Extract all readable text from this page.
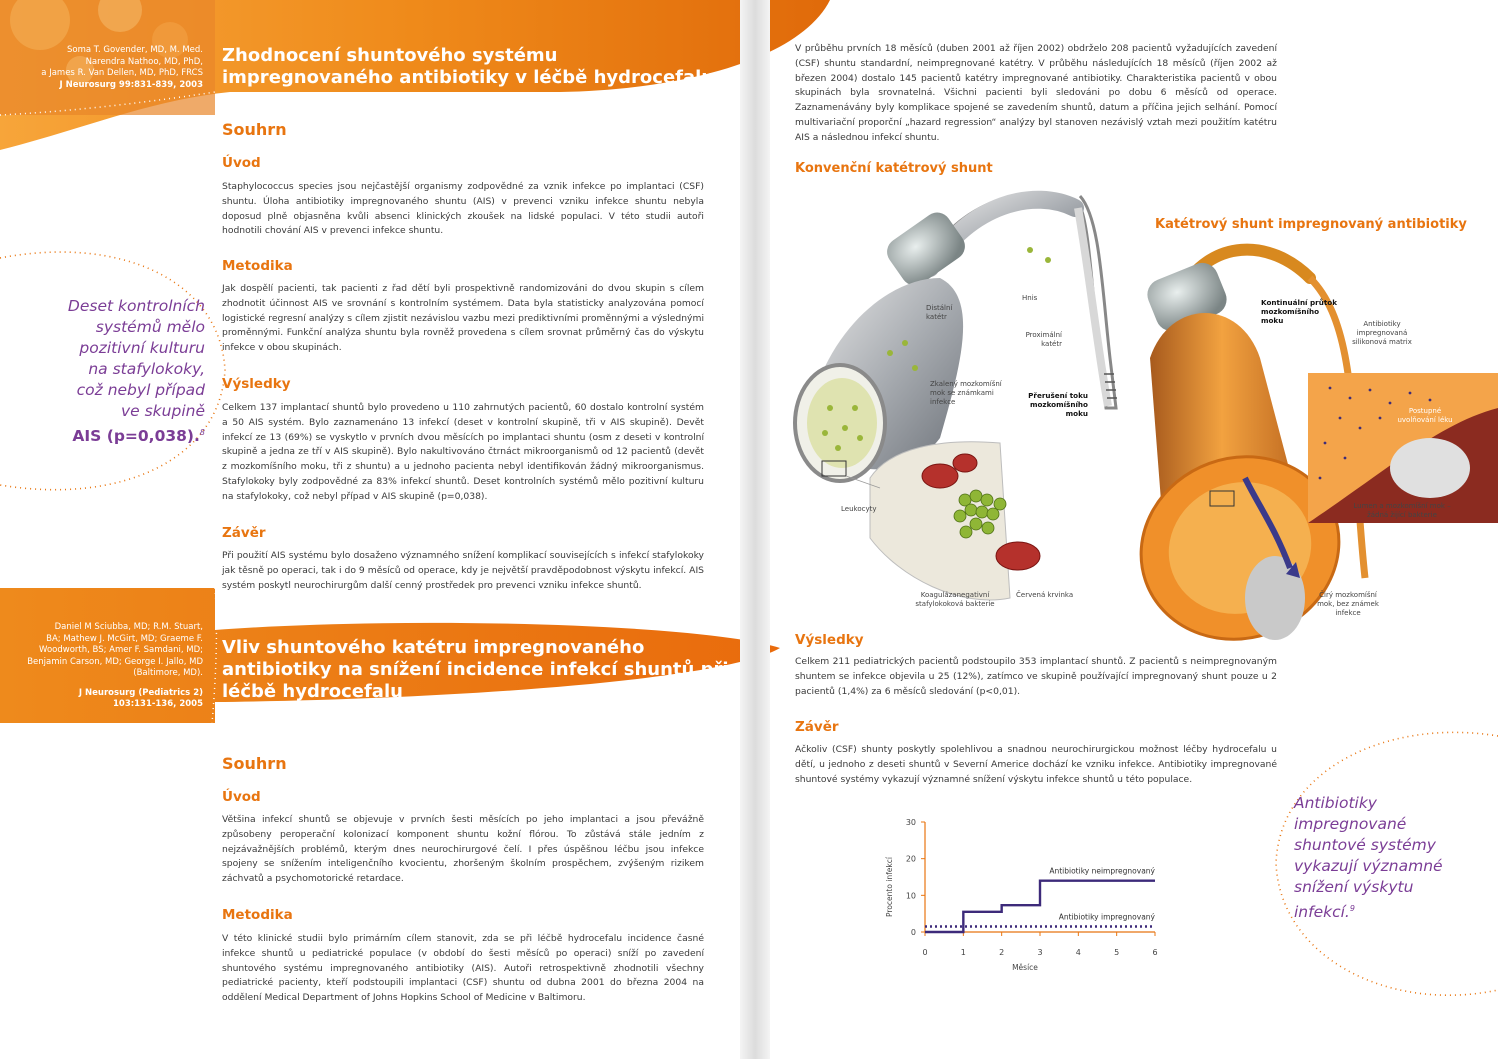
Soma T. Govender, MD, M. Med.
Narendra Nathoo, MD, PhD,
a James R. Van Dellen, MD, PhD, FRCS
J Neurosurg 99:831-839, 2003
Zhodnocení shuntového systému
impregnovaného antibiotiky v léčbě hydrocefalu
Souhrn
Úvod
Staphylococcus species jsou nejčastější organismy zodpovědné za vznik infekce po implantaci (CSF) shuntu. Úloha antibiotiky impregnovaného shuntu (AIS) v prevenci vzniku infekce shuntu nebyla doposud plně objasněna kvůli absenci klinických zkoušek na lidské populaci. V této studii autoři hodnotili chování AIS v prevenci infekce shuntu.
Metodika
Jak dospělí pacienti, tak pacienti z řad dětí byli prospektivně randomizováni do dvou skupin s cílem zhodnotit účinnost AIS ve srovnání s kontrolním systémem. Data byla statisticky analyzována pomocí logistické regresní analýzy s cílem zjistit nezávislou vazbu mezi prediktivními proměnnými a výslednými proměnnými. Funkční analýza shuntu byla rovněž provedena s cílem srovnat průměrný čas do výskytu infekce v obou skupinách.
Výsledky
Celkem 137 implantací shuntů bylo provedeno u 110 zahrnutých pacientů, 60 dostalo kontrolní systém a 50 AIS systém. Bylo zaznamenáno 13 infekcí (deset v kontrolní skupině, tři v AIS skupině). Devět infekcí ze 13 (69%) se vyskytlo v prvních dvou měsících po implantaci shuntu (osm z deseti v kontrolní skupině a jedna ze tří v AIS skupině). Bylo nakultivováno čtrnáct mikroorganismů od 12 pacientů (devět z mozkomíšního moku, tři z shuntu) a u jednoho pacienta nebyl identifikován žádný mikroorganismus. Stafylokoky byly zodpovědné za 83% infekcí shuntů. Deset kontrolních systémů mělo pozitivní kulturu na stafylokoky, což nebyl případ v AIS skupině (p=0,038).
Závěr
Při použití AIS systému bylo dosaženo významného snížení komplikací souvisejících s infekcí stafylokoky jak těsně po operaci, tak i do 9 měsíců od operace, kdy je největší pravděpodobnost výskytu infekcí. AIS systém poskytl neurochirurgům další cenný prostředek pro prevenci vzniku infekce shuntů.
Deset kontrolních
systémů mělo
pozitivní kulturu
na stafylokoky,
což nebyl případ
ve skupině
AIS (p=0,038).$^8$
Daniel M Sciubba, MD; R.M. Stuart,
BA; Mathew J. McGirt, MD; Graeme F.
Woodworth, BS; Amer F. Samdani, MD;
Benjamin Carson, MD; George I. Jallo, MD
(Baltimore, MD).
J Neurosurg (Pediatrics 2)
103:131-136, 2005
Vliv shuntového katétru impregnovaného
antibiotiky na snížení incidence infekcí shuntů při
léčbě hydrocefalu
Souhrn
Úvod
Většina infekcí shuntů se objevuje v prvních šesti měsících po jeho implantaci a jsou převážně způsobeny peroperační kolonizací komponent shuntu kožní flórou. To zůstává stále jedním z nejzávažnějších problémů, kterým dnes neurochirurgové čelí. I přes úspěšnou léčbu jsou infekce spojeny se snížením inteligenčního kvocientu, zhoršeným školním prospěchem, zvýšeným rizikem záchvatů a psychomotorické retardace.
Metodika
V této klinické studii bylo primárním cílem stanovit, zda se při léčbě hydrocefalu incidence časné infekce shuntů u pediatrické populace (v období do šesti měsíců po operaci) sníží po zavedení shuntového systému impregnovaného antibiotiky (AIS). Autoři retrospektivně zhodnotili všechny pediatrické pacienty, kteří podstoupili implantaci (CSF) shuntu od dubna 2001 do března 2004 na oddělení Medical Department of Johns Hopkins School of Medicine v Baltimoru.
V průběhu prvních 18 měsíců (duben 2001 až říjen 2002) obdrželo 208 pacientů vyžadujících zavedení (CSF) shuntu standardní, neimpregnované katétry. V průběhu následujících 18 měsíců (říjen 2002 až březen 2004) dostalo 145 pacientů katétry impregnované antibiotiky. Charakteristika pacientů v obou skupinách byla srovnatelná. Všichni pacienti byli sledováni po dobu 6 měsíců od operace. Zaznamenávány byly komplikace spojené se zavedením shuntů, datum a příčina jejich selhání. Pomocí multivariační proporční „hazard regression“ analýzy byl stanoven nezávislý vztah mezi použitím katétru AIS a následnou infekcí shuntu.
Konvenční katétrový shunt
Katétrový shunt impregnovaný antibiotiky
Distální
katétr
Hnis
Proximální
katétr
Zkalený mozkomíšní
mok se známkami
infekce
Přerušení toku
mozkomíšního
moku
Leukocyty
Koagulázanegativní
stafylokoková bakterie
Červená krvinka
Kontinuální průtok
mozkomíšního
moku	Antibiotiky
impregnovaná
silikonová matrix
Postupné
uvolňování léku
Lumen a mozkomíšní mok –
žádná žijící bakterie
Čirý mozkomíšní
mok, bez známek
infekce
Výsledky
Celkem 211 pediatrických pacientů podstoupilo 353 implantací shuntů. Z pacientů s neimpregnovaným shuntem se infekce objevila u 25 (12%), zatímco ve skupině používající impregnovaný shunt pouze u 2 pacientů (1,4%) za 6 měsíců sledování (p<0,01).
Závěr
Ačkoliv (CSF) shunty poskytly spolehlivou a snadnou neurochirurgickou možnost léčby hydrocefalu u dětí, u jednoho z deseti shuntů v Severní Americe dochází ke vzniku infekce. Antibiotiky impregnované shuntové systémy vykazují významné snížení výskytu infekce shuntů u této populace.
Antibiotiky
impregnované
shuntové systémy
vykazují významné
snížení výskytu
infekcí.$^9$
0
10
20
30
0	1	2	3	4	5	6
Měsíce
Procento infekcí	Antibiotiky neimpregnovaný
Antibiotiky impregnovaný
